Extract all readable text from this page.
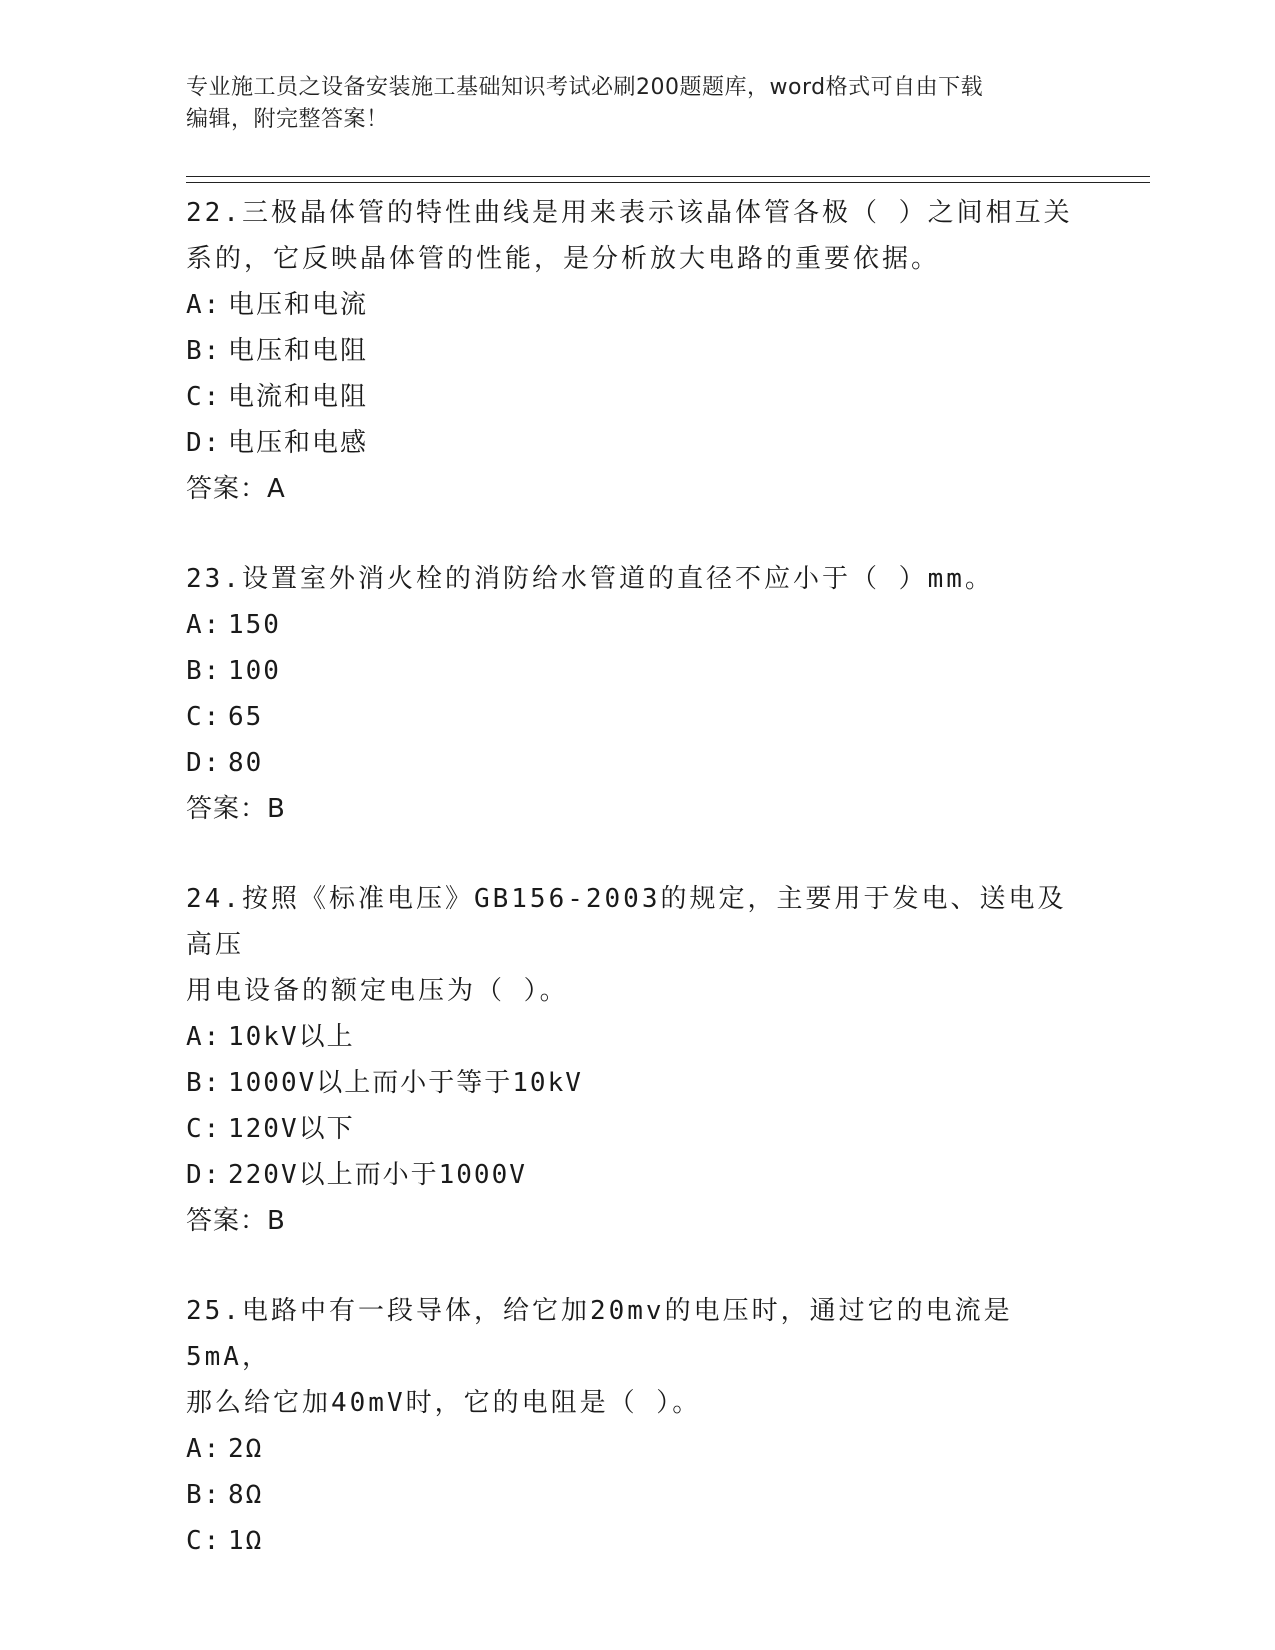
专业施工员之设备安装施工基础知识考试必刷200题题库，word格式可自由下载
编辑，附完整答案！
22.三极晶体管的特性曲线是用来表示该晶体管各极（ ）之间相互关
系的，它反映晶体管的性能，是分析放大电路的重要依据。
A: 电压和电流
B: 电压和电阻
C: 电流和电阻
D: 电压和电感
答案：A
23.设置室外消火栓的消防给水管道的直径不应小于（ ）mm。
A: 150
B: 100
C: 65
D: 80
答案：B
24.按照《标准电压》GB156-2003的规定，主要用于发电、送电及高压
用电设备的额定电压为（ ）。
A: 10kV以上
B: 1000V以上而小于等于10kV
C: 120V以下
D: 220V以上而小于1000V
答案：B
25.电路中有一段导体，给它加20mv的电压时，通过它的电流是5mA，
那么给它加40mV时，它的电阻是（ ）。
A: 2Ω
B: 8Ω
C: 1Ω
